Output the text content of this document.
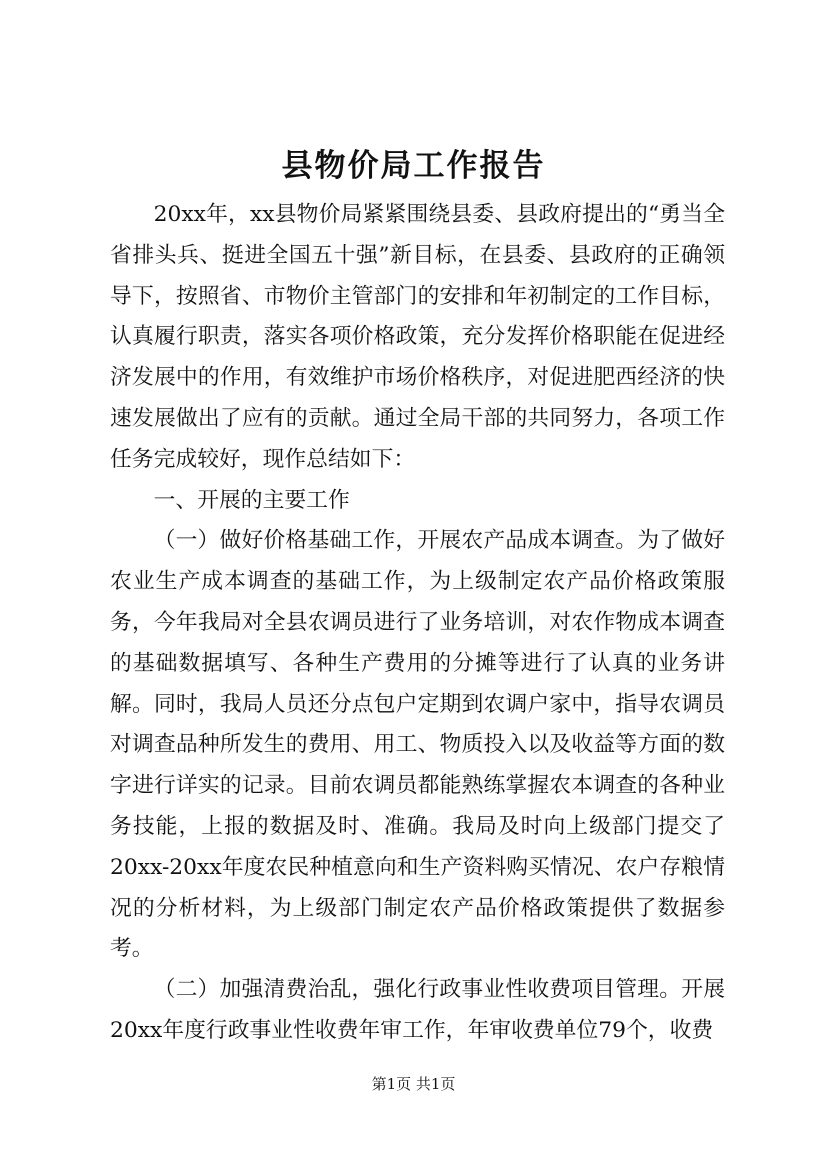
县物价局工作报告

20xx年，xx县物价局紧紧围绕县委、县政府提出的“勇当全省排头兵、挺进全国五十强”新目标，在县委、县政府的正确领导下，按照省、市物价主管部门的安排和年初制定的工作目标，认真履行职责，落实各项价格政策，充分发挥价格职能在促进经济发展中的作用，有效维护市场价格秩序，对促进肥西经济的快速发展做出了应有的贡献。通过全局干部的共同努力，各项工作任务完成较好，现作总结如下：

一、开展的主要工作

（一）做好价格基础工作，开展农产品成本调查。为了做好农业生产成本调查的基础工作，为上级制定农产品价格政策服务，今年我局对全县农调员进行了业务培训，对农作物成本调查的基础数据填写、各种生产费用的分摊等进行了认真的业务讲解。同时，我局人员还分点包户定期到农调户家中，指导农调员对调查品种所发生的费用、用工、物质投入以及收益等方面的数字进行详实的记录。目前农调员都能熟练掌握农本调查的各种业务技能，上报的数据及时、准确。我局及时向上级部门提交了20xx-20xx年度农民种植意向和生产资料购买情况、农户存粮情况的分析材料，为上级部门制定农产品价格政策提供了数据参考。

（二）加强清费治乱，强化行政事业性收费项目管理。开展20xx年度行政事业性收费年审工作，年审收费单位79个，收费

第1页 共1页
